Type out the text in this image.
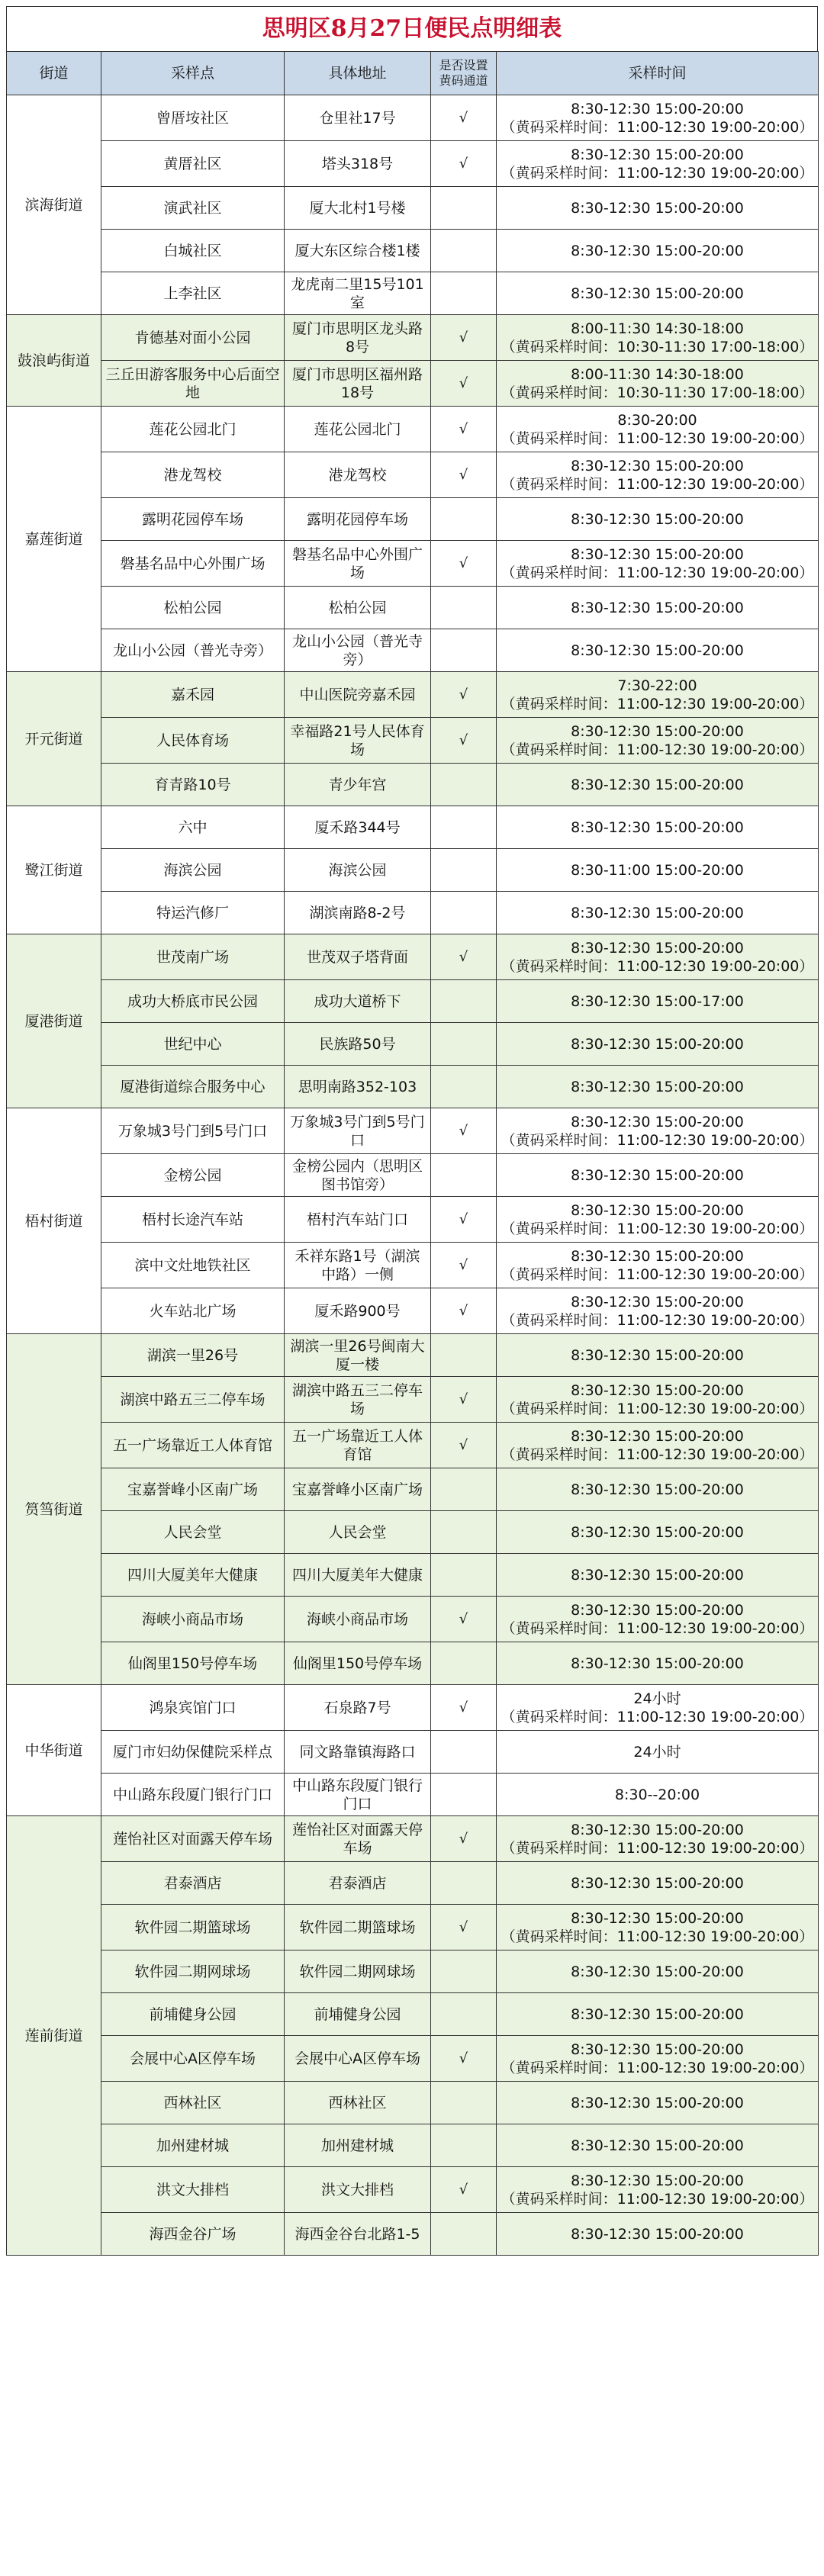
思明区8月27日便民点明细表
街道	采样点	具体地址	是否设置黄码通道	采样时间
滨海街道	曾厝垵社区	仓里社17号	√	8:30-12:30 15:00-20:00
（黄码采样时间：11:00-12:30 19:00-20:00）
	黄厝社区	塔头318号	√	8:30-12:30 15:00-20:00
（黄码采样时间：11:00-12:30 19:00-20:00）
	演武社区	厦大北村1号楼		8:30-12:30 15:00-20:00
	白城社区	厦大东区综合楼1楼		8:30-12:30 15:00-20:00
	上李社区	龙虎南二里15号101室		8:30-12:30 15:00-20:00
鼓浪屿街道	肯德基对面小公园	厦门市思明区龙头路8号	√	8:00-11:30 14:30-18:00
（黄码采样时间：10:30-11:30 17:00-18:00）
	三丘田游客服务中心后面空地	厦门市思明区福州路18号	√	8:00-11:30 14:30-18:00
（黄码采样时间：10:30-11:30 17:00-18:00）
嘉莲街道	莲花公园北门	莲花公园北门	√	8:30-20:00
（黄码采样时间：11:00-12:30 19:00-20:00）
	港龙驾校	港龙驾校	√	8:30-12:30 15:00-20:00
（黄码采样时间：11:00-12:30 19:00-20:00）
	露明花园停车场	露明花园停车场		8:30-12:30 15:00-20:00
	磐基名品中心外围广场	磐基名品中心外围广场	√	8:30-12:30 15:00-20:00
（黄码采样时间：11:00-12:30 19:00-20:00）
	松柏公园	松柏公园		8:30-12:30 15:00-20:00
	龙山小公园（普光寺旁）	龙山小公园（普光寺旁）		8:30-12:30 15:00-20:00
开元街道	嘉禾园	中山医院旁嘉禾园	√	7:30-22:00
（黄码采样时间：11:00-12:30 19:00-20:00）
	人民体育场	幸福路21号人民体育场	√	8:30-12:30 15:00-20:00
（黄码采样时间：11:00-12:30 19:00-20:00）
	育青路10号	青少年宫		8:30-12:30 15:00-20:00
鹭江街道	六中	厦禾路344号		8:30-12:30 15:00-20:00
	海滨公园	海滨公园		8:30-11:00 15:00-20:00
	特运汽修厂	湖滨南路8-2号		8:30-12:30 15:00-20:00
厦港街道	世茂南广场	世茂双子塔背面	√	8:30-12:30 15:00-20:00
（黄码采样时间：11:00-12:30 19:00-20:00）
	成功大桥底市民公园	成功大道桥下		8:30-12:30 15:00-17:00
	世纪中心	民族路50号		8:30-12:30 15:00-20:00
	厦港街道综合服务中心	思明南路352-103		8:30-12:30 15:00-20:00
梧村街道	万象城3号门到5号门口	万象城3号门到5号门口	√	8:30-12:30 15:00-20:00
（黄码采样时间：11:00-12:30 19:00-20:00）
	金榜公园	金榜公园内（思明区图书馆旁）		8:30-12:30 15:00-20:00
	梧村长途汽车站	梧村汽车站门口	√	8:30-12:30 15:00-20:00
（黄码采样时间：11:00-12:30 19:00-20:00）
	滨中文灶地铁社区	禾祥东路1号（湖滨中路）一侧	√	8:30-12:30 15:00-20:00
（黄码采样时间：11:00-12:30 19:00-20:00）
	火车站北广场	厦禾路900号	√	8:30-12:30 15:00-20:00
（黄码采样时间：11:00-12:30 19:00-20:00）
筼筜街道	湖滨一里26号	湖滨一里26号闽南大厦一楼		8:30-12:30 15:00-20:00
	湖滨中路五三二停车场	湖滨中路五三二停车场	√	8:30-12:30 15:00-20:00
（黄码采样时间：11:00-12:30 19:00-20:00）
	五一广场靠近工人体育馆	五一广场靠近工人体育馆	√	8:30-12:30 15:00-20:00
（黄码采样时间：11:00-12:30 19:00-20:00）
	宝嘉誉峰小区南广场	宝嘉誉峰小区南广场		8:30-12:30 15:00-20:00
	人民会堂	人民会堂		8:30-12:30 15:00-20:00
	四川大厦美年大健康	四川大厦美年大健康		8:30-12:30 15:00-20:00
	海峡小商品市场	海峡小商品市场	√	8:30-12:30 15:00-20:00
（黄码采样时间：11:00-12:30 19:00-20:00）
	仙阁里150号停车场	仙阁里150号停车场		8:30-12:30 15:00-20:00
中华街道	鸿泉宾馆门口	石泉路7号	√	24小时
（黄码采样时间：11:00-12:30 19:00-20:00）
	厦门市妇幼保健院采样点	同文路靠镇海路口		24小时
	中山路东段厦门银行门口	中山路东段厦门银行门口		8:30--20:00
莲前街道	莲怡社区对面露天停车场	莲怡社区对面露天停车场	√	8:30-12:30 15:00-20:00
（黄码采样时间：11:00-12:30 19:00-20:00）
	君泰酒店	君泰酒店		8:30-12:30 15:00-20:00
	软件园二期篮球场	软件园二期篮球场	√	8:30-12:30 15:00-20:00
（黄码采样时间：11:00-12:30 19:00-20:00）
	软件园二期网球场	软件园二期网球场		8:30-12:30 15:00-20:00
	前埔健身公园	前埔健身公园		8:30-12:30 15:00-20:00
	会展中心A区停车场	会展中心A区停车场	√	8:30-12:30 15:00-20:00
（黄码采样时间：11:00-12:30 19:00-20:00）
	西林社区	西林社区		8:30-12:30 15:00-20:00
	加州建材城	加州建材城		8:30-12:30 15:00-20:00
	洪文大排档	洪文大排档	√	8:30-12:30 15:00-20:00
（黄码采样时间：11:00-12:30 19:00-20:00）
	海西金谷广场	海西金谷台北路1-5		8:30-12:30 15:00-20:00
